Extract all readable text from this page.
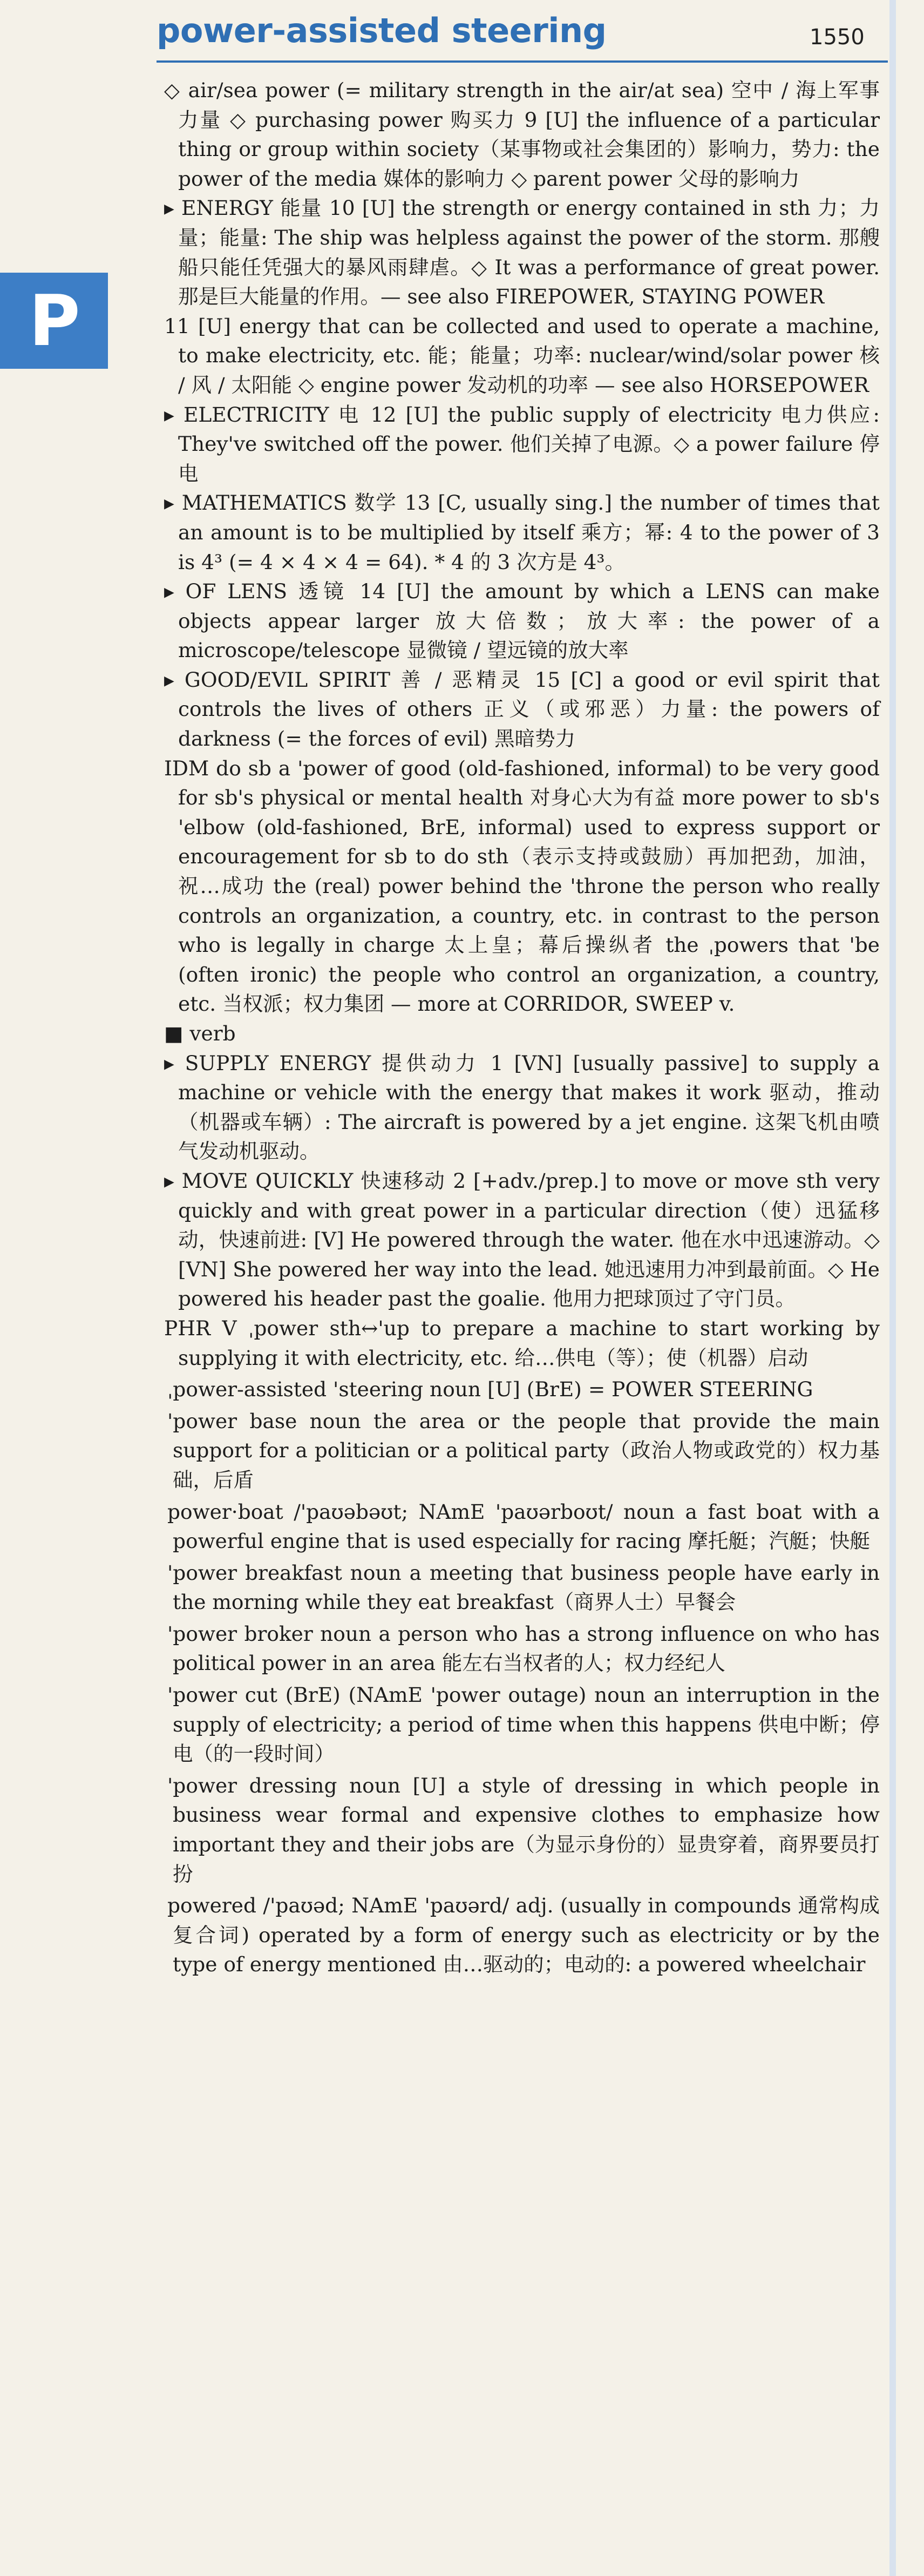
power-assisted steering	1550
P

◇ air/sea power (= military strength in the air/at sea) 空中 / 海上军事力量 ◇ purchasing power 购买力 9 [U] the influence of a particular thing or group within society（某事物或社会集团的）影响力，势力: the power of the media 媒体的影响力 ◇ parent power 父母的影响力

▸ ENERGY 能量 10 [U] the strength or energy contained in sth 力；力量；能量: The ship was helpless against the power of the storm. 那艘船只能任凭强大的暴风雨肆虐。◇ It was a performance of great power. 那是巨大能量的作用。— see also FIREPOWER, STAYING POWER

11 [U] energy that can be collected and used to operate a machine, to make electricity, etc. 能；能量；功率: nuclear/wind/solar power 核 / 风 / 太阳能 ◇ engine power 发动机的功率 — see also HORSEPOWER

▸ ELECTRICITY 电 12 [U] the public supply of electricity 电力供应: They've switched off the power. 他们关掉了电源。◇ a power failure 停电

▸ MATHEMATICS 数学 13 [C, usually sing.] the number of times that an amount is to be multiplied by itself 乘方；幂: 4 to the power of 3 is 4³ (= 4 × 4 × 4 = 64). * 4 的 3 次方是 4³。

▸ OF LENS 透镜 14 [U] the amount by which a LENS can make objects appear larger 放大倍数；放大率: the power of a microscope/telescope 显微镜 / 望远镜的放大率

▸ GOOD/EVIL SPIRIT 善 / 恶精灵 15 [C] a good or evil spirit that controls the lives of others 正义（或邪恶）力量: the powers of darkness (= the forces of evil) 黑暗势力

IDM do sb a 'power of good (old-fashioned, informal) to be very good for sb's physical or mental health 对身心大为有益 more power to sb's 'elbow (old-fashioned, BrE, informal) used to express support or encouragement for sb to do sth（表示支持或鼓励）再加把劲，加油，祝…成功 the (real) power behind the 'throne the person who really controls an organization, a country, etc. in contrast to the person who is legally in charge 太上皇；幕后操纵者 the ˌpowers that 'be (often ironic) the people who control an organization, a country, etc. 当权派；权力集团 — more at CORRIDOR, SWEEP v.

■ verb

▸ SUPPLY ENERGY 提供动力 1 [VN] [usually passive] to supply a machine or vehicle with the energy that makes it work 驱动，推动（机器或车辆）: The aircraft is powered by a jet engine. 这架飞机由喷气发动机驱动。

▸ MOVE QUICKLY 快速移动 2 [+adv./prep.] to move or move sth very quickly and with great power in a particular direction（使）迅猛移动，快速前进: [V] He powered through the water. 他在水中迅速游动。◇ [VN] She powered her way into the lead. 她迅速用力冲到最前面。◇ He powered his header past the goalie. 他用力把球顶过了守门员。

PHR V ˌpower sth↔'up to prepare a machine to start working by supplying it with electricity, etc. 给…供电（等）；使（机器）启动

ˌpower-assisted 'steering noun [U] (BrE) = POWER STEERING

'power base noun the area or the people that provide the main support for a politician or a political party（政治人物或政党的）权力基础，后盾

power·boat /'paʊəbəʊt; NAmE 'paʊərboʊt/ noun a fast boat with a powerful engine that is used especially for racing 摩托艇；汽艇；快艇

'power breakfast noun a meeting that business people have early in the morning while they eat breakfast（商界人士）早餐会

'power broker noun a person who has a strong influence on who has political power in an area 能左右当权者的人；权力经纪人

'power cut (BrE) (NAmE 'power outage) noun an interruption in the supply of electricity; a period of time when this happens 供电中断；停电（的一段时间）

'power dressing noun [U] a style of dressing in which people in business wear formal and expensive clothes to emphasize how important they and their jobs are（为显示身份的）显贵穿着，商界要员打扮

powered /'paʊəd; NAmE 'paʊərd/ adj. (usually in compounds 通常构成复合词) operated by a form of energy such as electricity or by the type of energy mentioned 由…驱动的；电动的: a powered wheelchair
